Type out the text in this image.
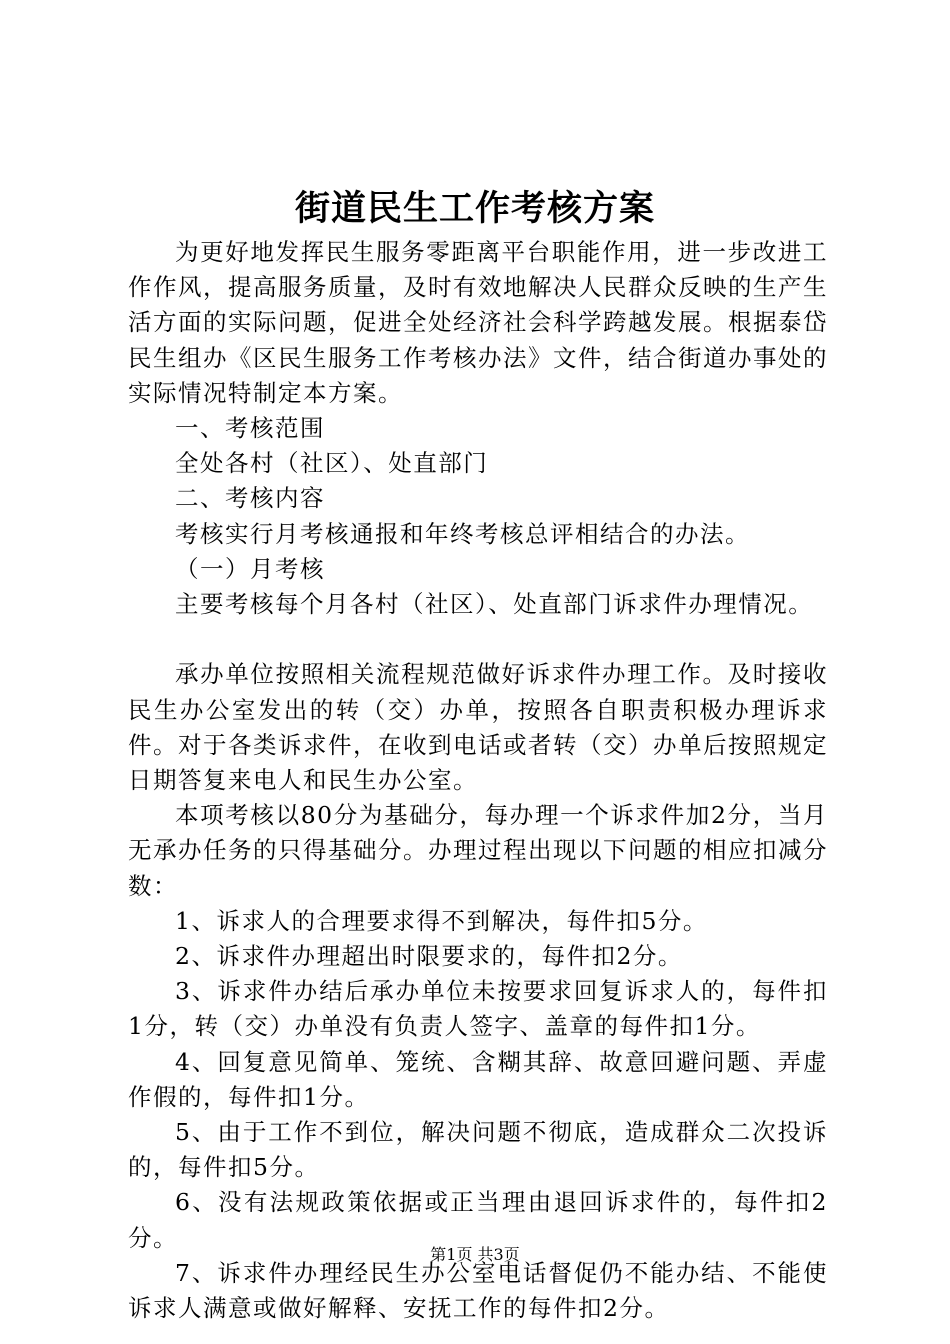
街道民生工作考核方案

为更好地发挥民生服务零距离平台职能作用，进一步改进工作作风，提高服务质量，及时有效地解决人民群众反映的生产生活方面的实际问题，促进全处经济社会科学跨越发展。根据泰岱民生组办《区民生服务工作考核办法》文件，结合街道办事处的实际情况特制定本方案。

一、考核范围

全处各村（社区）、处直部门

二、考核内容

考核实行月考核通报和年终考核总评相结合的办法。

（一）月考核

主要考核每个月各村（社区）、处直部门诉求件办理情况。

承办单位按照相关流程规范做好诉求件办理工作。及时接收民生办公室发出的转（交）办单，按照各自职责积极办理诉求件。对于各类诉求件，在收到电话或者转（交）办单后按照规定日期答复来电人和民生办公室。

本项考核以80分为基础分，每办理一个诉求件加2分，当月无承办任务的只得基础分。办理过程出现以下问题的相应扣减分数：

1、诉求人的合理要求得不到解决，每件扣5分。

2、诉求件办理超出时限要求的，每件扣2分。

3、诉求件办结后承办单位未按要求回复诉求人的，每件扣1分，转（交）办单没有负责人签字、盖章的每件扣1分。

4、回复意见简单、笼统、含糊其辞、故意回避问题、弄虚作假的，每件扣1分。

5、由于工作不到位，解决问题不彻底，造成群众二次投诉的，每件扣5分。

6、没有法规政策依据或正当理由退回诉求件的，每件扣2分。

7、诉求件办理经民生办公室电话督促仍不能办结、不能使诉求人满意或做好解释、安抚工作的每件扣2分。

第1页 共3页
